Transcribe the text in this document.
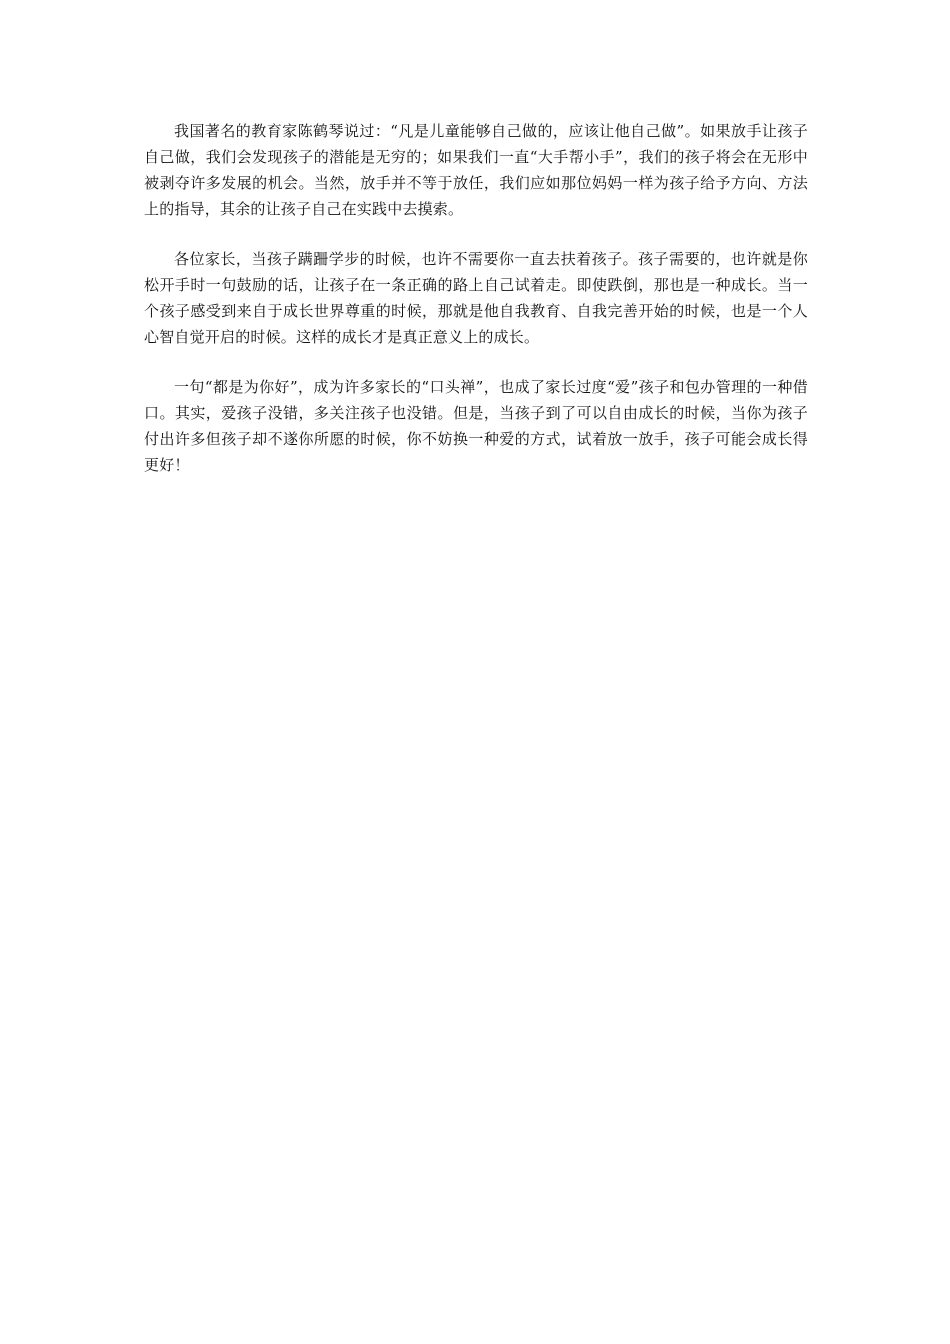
我国著名的教育家陈鹤琴说过：“凡是儿童能够自己做的，应该让他自己做”。如果放手让孩子自己做，我们会发现孩子的潜能是无穷的；如果我们一直“大手帮小手”，我们的孩子将会在无形中被剥夺许多发展的机会。当然，放手并不等于放任，我们应如那位妈妈一样为孩子给予方向、方法上的指导，其余的让孩子自己在实践中去摸索。

各位家长，当孩子蹒跚学步的时候，也许不需要你一直去扶着孩子。孩子需要的，也许就是你松开手时一句鼓励的话，让孩子在一条正确的路上自己试着走。即使跌倒，那也是一种成长。当一个孩子感受到来自于成长世界尊重的时候，那就是他自我教育、自我完善开始的时候，也是一个人心智自觉开启的时候。这样的成长才是真正意义上的成长。

一句“都是为你好”，成为许多家长的“口头禅”，也成了家长过度“爱”孩子和包办管理的一种借口。其实，爱孩子没错，多关注孩子也没错。但是，当孩子到了可以自由成长的时候，当你为孩子付出许多但孩子却不遂你所愿的时候，你不妨换一种爱的方式，试着放一放手，孩子可能会成长得更好！
